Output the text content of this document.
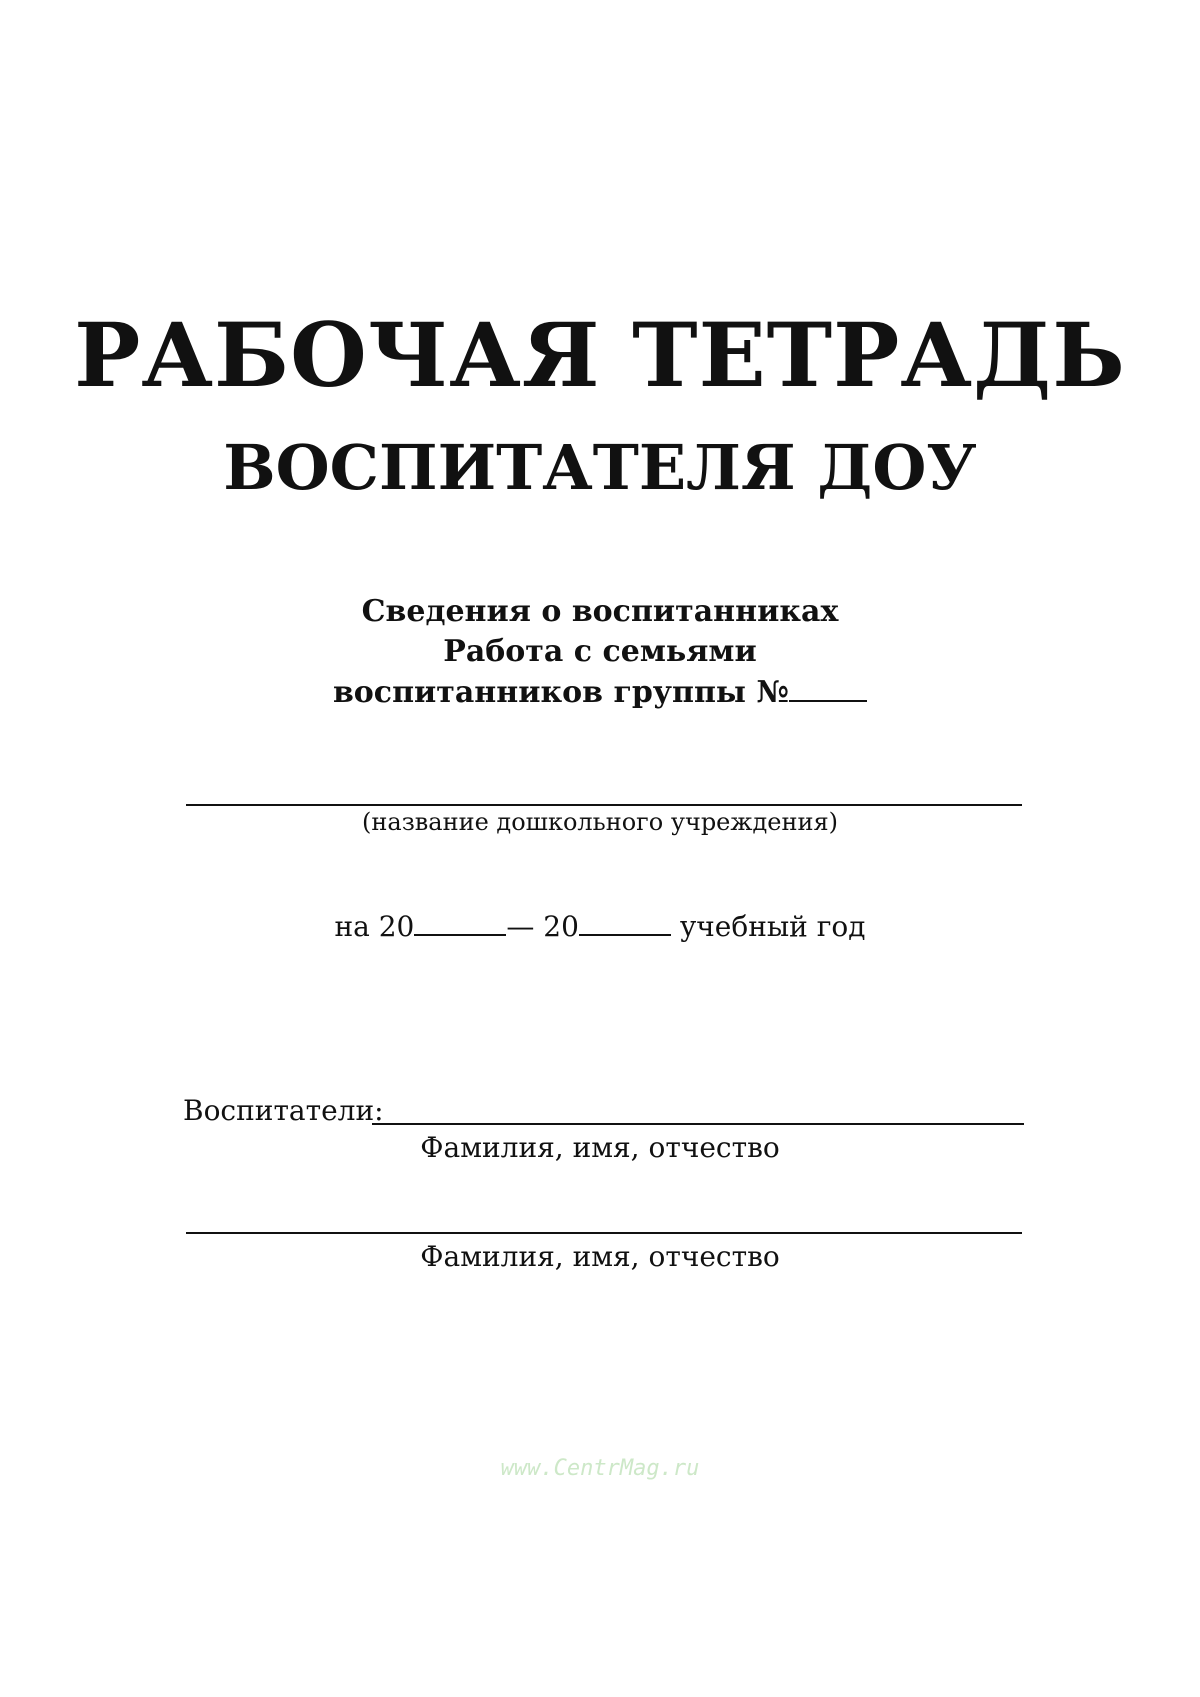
РАБОЧАЯ ТЕТРАДЬ
ВОСПИТАТЕЛЯ ДОУ
Сведения о воспитанниках
Работа с семьями
воспитанников группы №
(название дошкольного учреждения)
на 20	— 20	учебный год
Воспитатели:
Фамилия, имя, отчество
Фамилия, имя, отчество
www.CentrMag.ru
